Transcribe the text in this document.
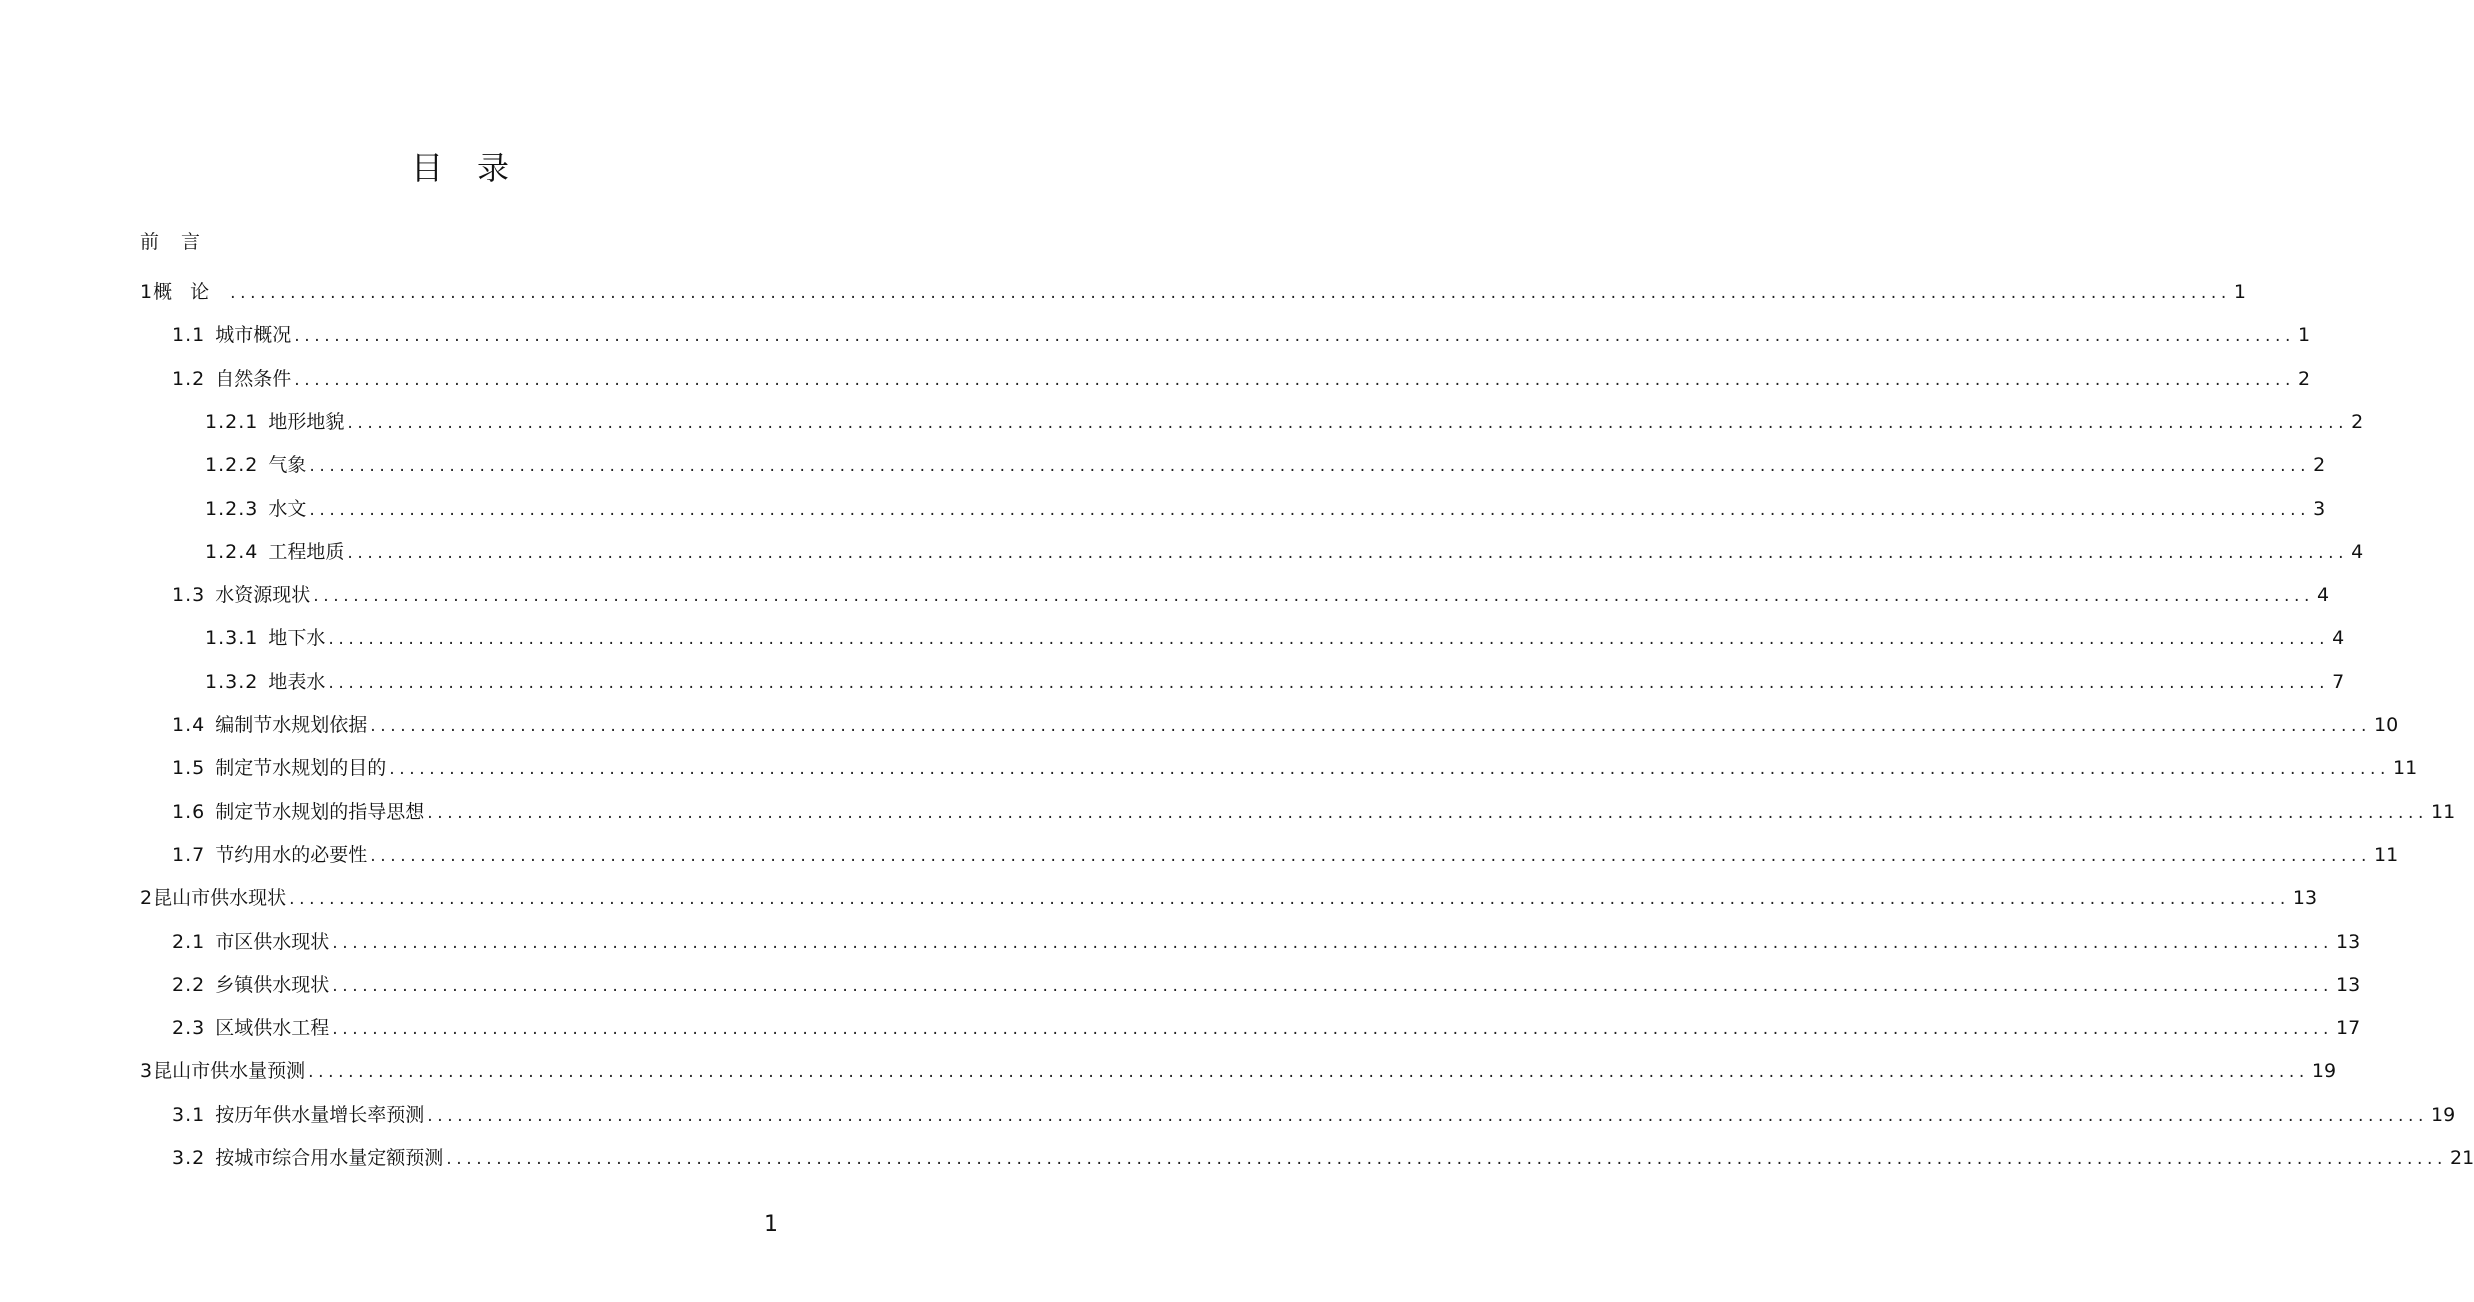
目录
前言
1 概论 ........................................................................................................................................................................................................ 1
1.1 城市概况 ........................................................................................................................................................................................................ 1
1.2 自然条件 ........................................................................................................................................................................................................ 2
1.2.1 地形地貌 ........................................................................................................................................................................................................ 2
1.2.2 气象 ........................................................................................................................................................................................................ 2
1.2.3 水文 ........................................................................................................................................................................................................ 3
1.2.4 工程地质 ........................................................................................................................................................................................................ 4
1.3 水资源现状 ........................................................................................................................................................................................................ 4
1.3.1 地下水 ........................................................................................................................................................................................................ 4
1.3.2 地表水 ........................................................................................................................................................................................................ 7
1.4 编制节水规划依据 ........................................................................................................................................................................................................ 10
1.5 制定节水规划的目的 ........................................................................................................................................................................................................ 11
1.6 制定节水规划的指导思想 ........................................................................................................................................................................................................ 11
1.7 节约用水的必要性 ........................................................................................................................................................................................................ 11
2 昆山市供水现状 ........................................................................................................................................................................................................ 13
2.1 市区供水现状 ........................................................................................................................................................................................................ 13
2.2 乡镇供水现状 ........................................................................................................................................................................................................ 13
2.3 区域供水工程 ........................................................................................................................................................................................................ 17
3 昆山市供水量预测 ........................................................................................................................................................................................................ 19
3.1 按历年供水量增长率预测 ........................................................................................................................................................................................................ 19
3.2 按城市综合用水量定额预测 ........................................................................................................................................................................................................ 21
1
